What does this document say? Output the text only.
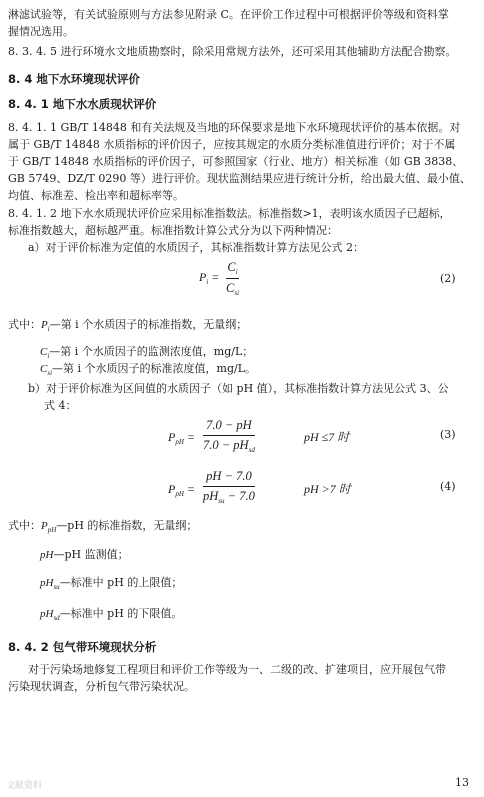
淋滤试验等，有关试验原则与方法参见附录 C。在评价工作过程中可根据评价等级和资料掌
握情况选用。
8. 3. 4. 5 进行环境水文地质勘察时，除采用常规方法外，还可采用其他辅助方法配合勘察。
8. 4 地下水环境现状评价
8. 4. 1 地下水水质现状评价
8. 4. 1. 1 GB/T 14848 和有关法规及当地的环保要求是地下水环境现状评价的基本依据。对
属于 GB/T 14848 水质指标的评价因子，应按其规定的水质分类标准值进行评价；对于不属
于 GB/T 14848 水质指标的评价因子，可参照国家（行业、地方）相关标准（如 GB 3838、
GB 5749、DZ/T 0290 等）进行评价。现状监测结果应进行统计分析，给出最大值、最小值、
均值、标准差、检出率和超标率等。
8. 4. 1. 2 地下水水质现状评价应采用标准指数法。标准指数>1，表明该水质因子已超标，
标准指数越大，超标越严重。标准指数计算公式分为以下两种情况：
a）对于评价标准为定值的水质因子，其标准指数计算方法见公式 2：
$P_i$ =
$C_i$
$C_{si}$
(2)
式中：$P_i—$第 i 个水质因子的标准指数，无量纲；
$C_i—$第 i 个水质因子的监测浓度值，mg/L；
$C_{si}—$第 i 个水质因子的标准浓度值，mg/L。
b）对于评价标准为区间值的水质因子（如 pH 值），其标准指数计算方法见公式 3、公
式 4：
$P_{pH}$ =
7.0 − pH
$7.0 - pH_{sd}$
pH ≤7 时	(3)
$P_{pH}$ =
pH − 7.0
$pH_{su} - 7.0$	pH >7 时	(4)
式中：$P_{pH}—pH$ 的标准指数，无量纲；
pH—pH 监测值；
$pH_{su}—$标准中 pH 的上限值；
$pH_{sd}—$标准中 pH 的下限值。
8. 4. 2 包气带环境现状分析
对于污染场地修复工程项目和评价工作等级为一、二级的改、扩建项目，应开展包气带
污染现状调查，分析包气带污染状况。
文献资料	13
